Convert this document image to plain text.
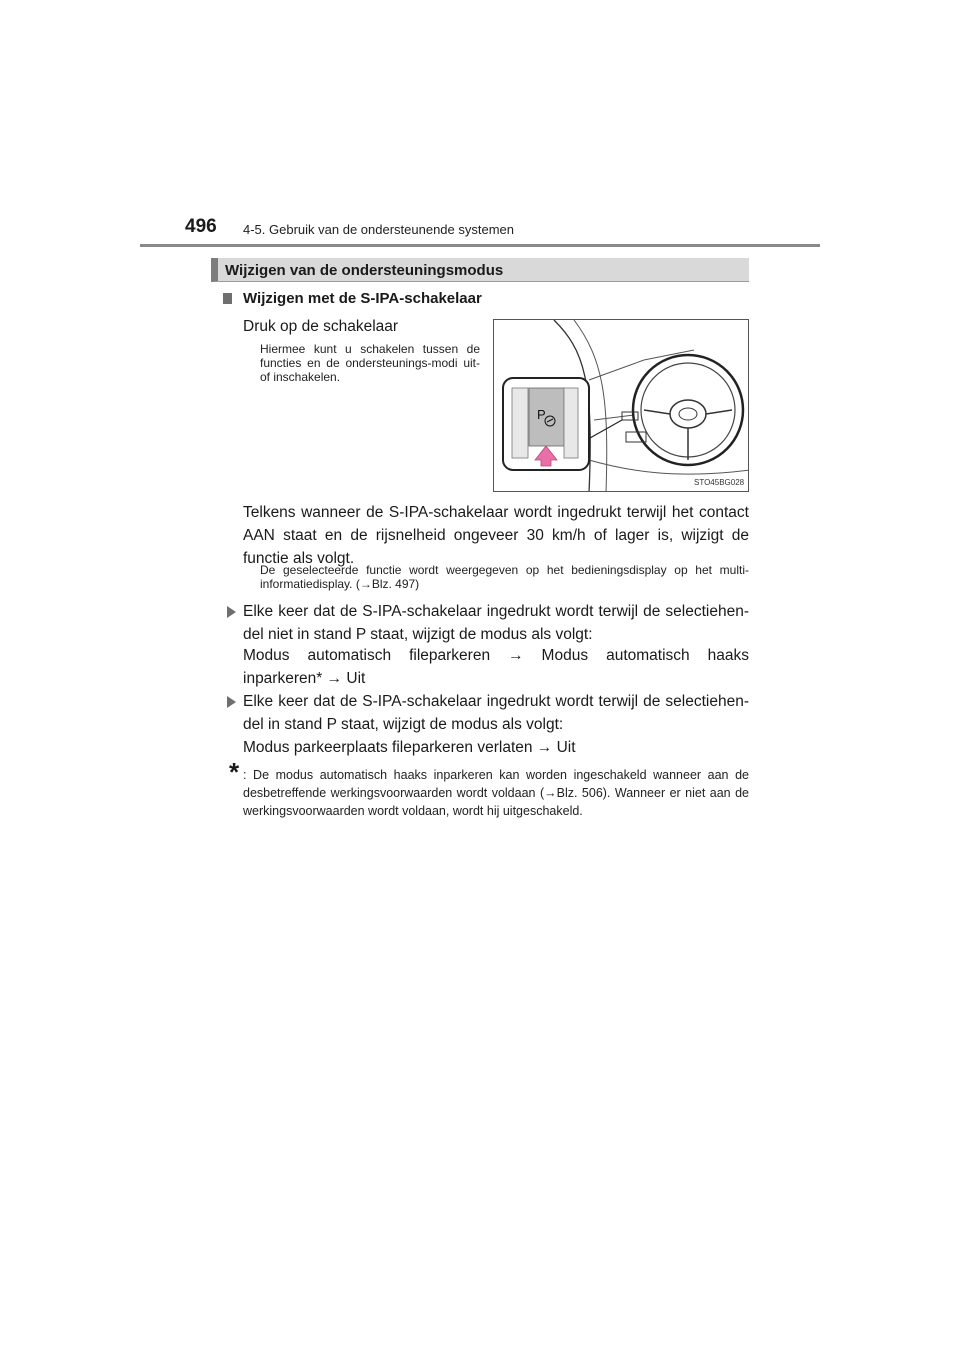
496 4-5. Gebruik van de ondersteunende systemen
Wijzigen van de ondersteuningsmodus
Wijzigen met de S-IPA-schakelaar
Druk op de schakelaar
Hiermee kunt u schakelen tussen de functies en de ondersteunings-modi uit- of inschakelen.
P
STO45BG028
Telkens wanneer de S-IPA-schakelaar wordt ingedrukt terwijl het contact AAN staat en de rijsnelheid ongeveer 30 km/h of lager is, wijzigt de functie als volgt.
De geselecteerde functie wordt weergegeven op het bedieningsdisplay op het multi-informatiedisplay. (→Blz. 497)
Elke keer dat de S-IPA-schakelaar ingedrukt wordt terwijl de selectiehen-del niet in stand P staat, wijzigt de modus als volgt:
Modus automatisch fileparkeren → Modus automatisch haaks inparkeren* → Uit
Elke keer dat de S-IPA-schakelaar ingedrukt wordt terwijl de selectiehen-del in stand P staat, wijzigt de modus als volgt:
Modus parkeerplaats fileparkeren verlaten → Uit
* : De modus automatisch haaks inparkeren kan worden ingeschakeld wanneer aan de desbetreffende werkingsvoorwaarden wordt voldaan (→Blz. 506). Wanneer er niet aan de werkingsvoorwaarden wordt voldaan, wordt hij uitgeschakeld.
